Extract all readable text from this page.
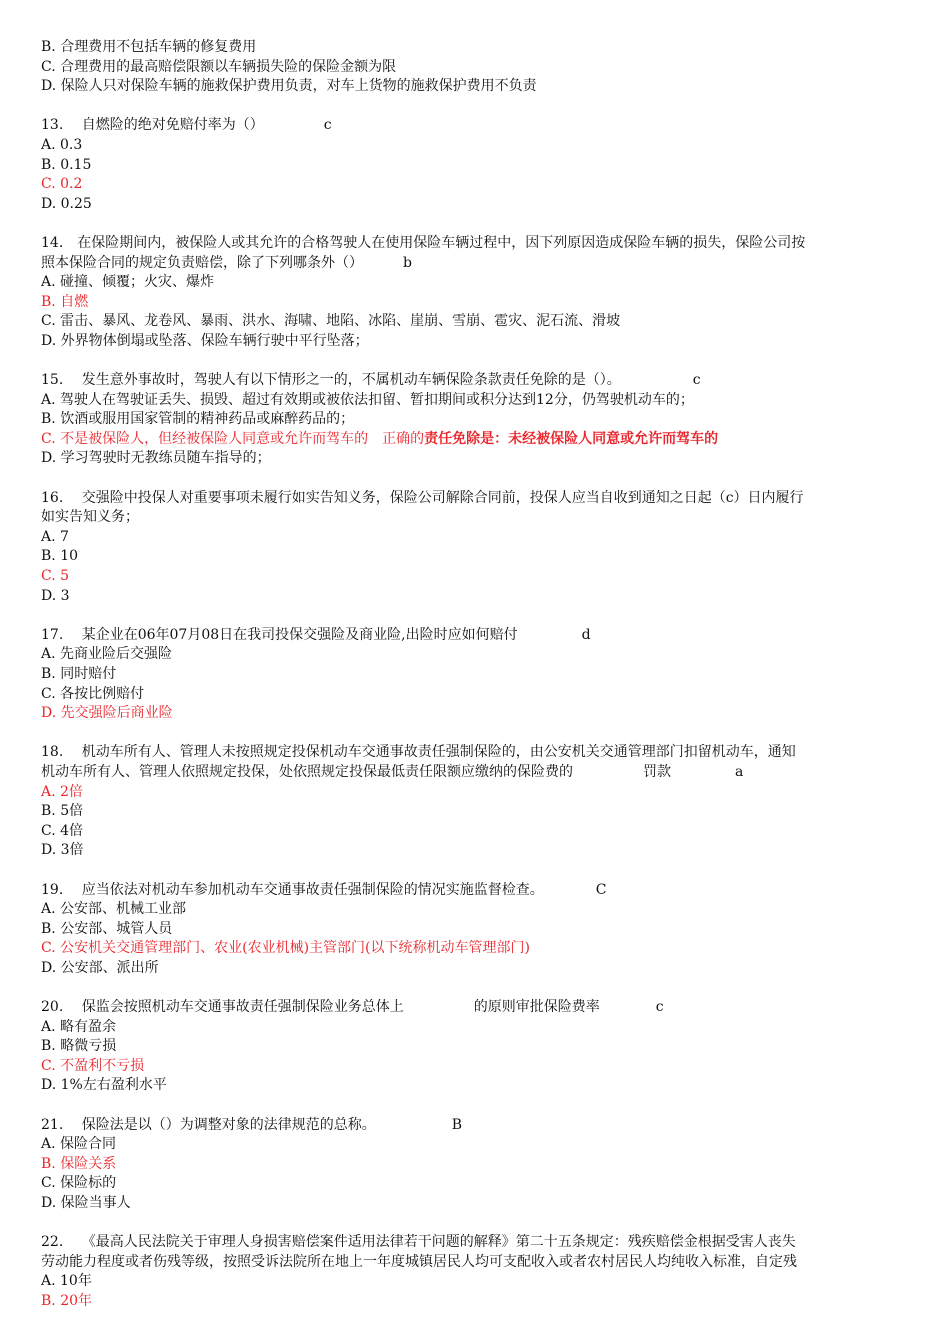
B. 合理费用不包括车辆的修复费用
C. 合理费用的最高赔偿限额以车辆损失险的保险金额为限
D. 保险人只对保险车辆的施救保护费用负责，对车上货物的施救保护费用不负责
13.　 自燃险的绝对免赔付率为（）	c
A. 0.3
B. 0.15
C. 0.2
D. 0.25
14.　在保险期间内，被保险人或其允许的合格驾驶人在使用保险车辆过程中，因下列原因造成保险车辆的损失，保险公司按
照本保险合同的规定负责赔偿，除了下列哪条外（）	b
A. 碰撞、倾覆；火灾、爆炸
B. 自燃
C. 雷击、暴风、龙卷风、暴雨、洪水、海啸、地陷、冰陷、崖崩、雪崩、雹灾、泥石流、滑坡
D. 外界物体倒塌或坠落、保险车辆行驶中平行坠落；
15.　 发生意外事故时，驾驶人有以下情形之一的，不属机动车辆保险条款责任免除的是（）。	c
A. 驾驶人在驾驶证丢失、损毁、超过有效期或被依法扣留、暂扣期间或积分达到12分，仍驾驶机动车的；
B. 饮酒或服用国家管制的精神药品或麻醉药品的；
C. 不是被保险人，但经被保险人同意或允许而驾车的　正确的责任免除是：未经被保险人同意或允许而驾车的
D. 学习驾驶时无教练员随车指导的；
16.　 交强险中投保人对重要事项未履行如实告知义务，保险公司解除合同前，投保人应当自收到通知之日起（c）日内履行
如实告知义务；
A. 7
B. 10
C. 5
D. 3
17.　 某企业在06年07月08日在我司投保交强险及商业险,出险时应如何赔付	d
A. 先商业险后交强险
B. 同时赔付
C. 各按比例赔付
D. 先交强险后商业险
18.　 机动车所有人、管理人未按照规定投保机动车交通事故责任强制保险的，由公安机关交通管理部门扣留机动车，通知
机动车所有人、管理人依照规定投保，处依照规定投保最低责任限额应缴纳的保险费的　　　　　罚款	a
A. 2倍
B. 5倍
C. 4倍
D. 3倍
19.　 应当依法对机动车参加机动车交通事故责任强制保险的情况实施监督检查。	C
A. 公安部、机械工业部
B. 公安部、城管人员
C. 公安机关交通管理部门、农业(农业机械)主管部门(以下统称机动车管理部门)
D. 公安部、派出所
20.　 保监会按照机动车交通事故责任强制保险业务总体上　　　　　的原则审批保险费率	c
A. 略有盈余
B. 略微亏损
C. 不盈利不亏损
D. 1%左右盈利水平
21.　 保险法是以（）为调整对象的法律规范的总称。	B
A. 保险合同
B. 保险关系
C. 保险标的
D. 保险当事人
22.　 《最高人民法院关于审理人身损害赔偿案件适用法律若干问题的解释》第二十五条规定：残疾赔偿金根据受害人丧失
劳动能力程度或者伤残等级，按照受诉法院所在地上一年度城镇居民人均可支配收入或者农村居民人均纯收入标准，自定残
A. 10年
B. 20年
